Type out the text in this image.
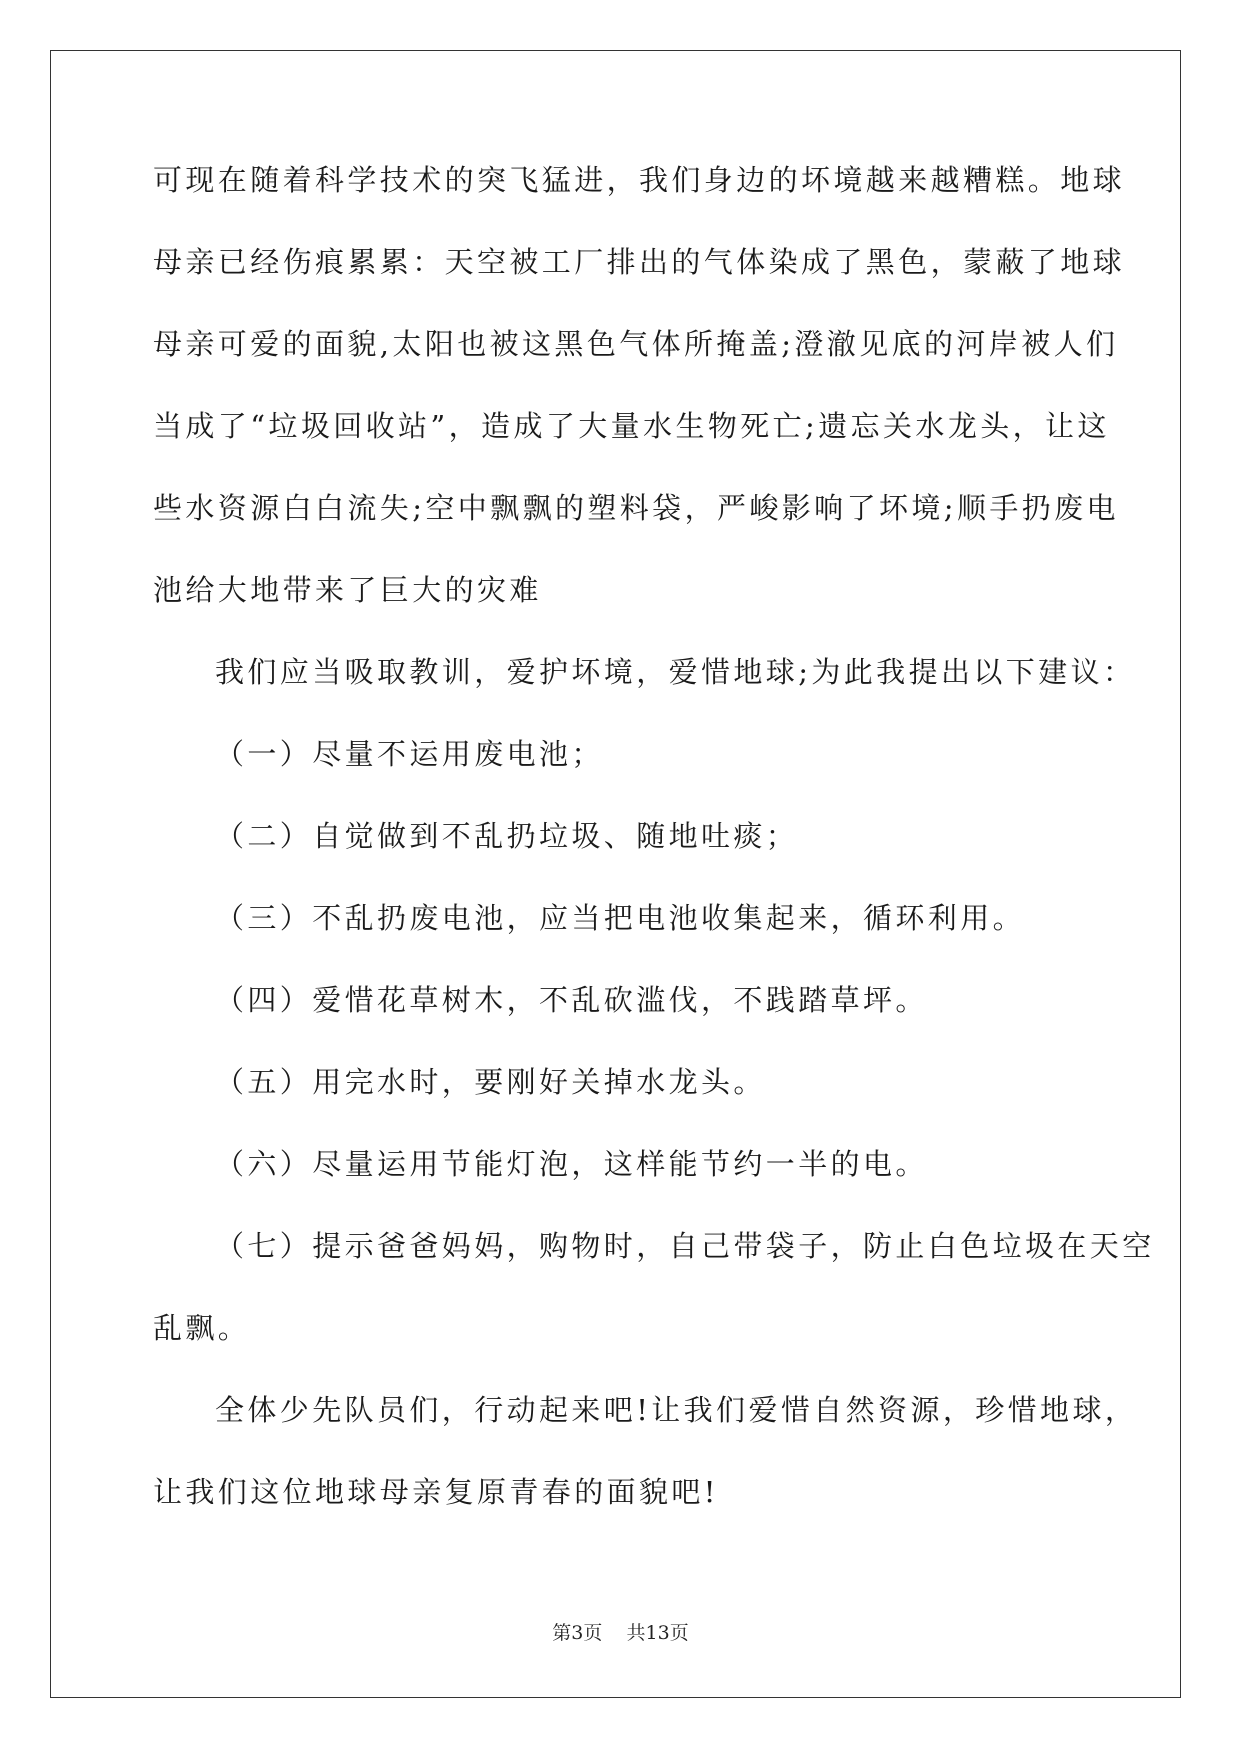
可现在随着科学技术的突飞猛进，我们身边的坏境越来越糟糕。地球
母亲已经伤痕累累：天空被工厂排出的气体染成了黑色，蒙蔽了地球
母亲可爱的面貌,太阳也被这黑色气体所掩盖;澄澈见底的河岸被人们
当成了“垃圾回收站”，造成了大量水生物死亡;遗忘关水龙头，让这
些水资源白白流失;空中飘飘的塑料袋，严峻影响了坏境;顺手扔废电
池给大地带来了巨大的灾难
我们应当吸取教训，爱护坏境，爱惜地球;为此我提出以下建议：
（一）尽量不运用废电池；
（二）自觉做到不乱扔垃圾、随地吐痰；
（三）不乱扔废电池，应当把电池收集起来，循环利用。
（四）爱惜花草树木，不乱砍滥伐，不践踏草坪。
（五）用完水时，要刚好关掉水龙头。
（六）尽量运用节能灯泡，这样能节约一半的电。
（七）提示爸爸妈妈，购物时，自己带袋子，防止白色垃圾在天空
乱飘。
全体少先队员们，行动起来吧!让我们爱惜自然资源，珍惜地球，
让我们这位地球母亲复原青春的面貌吧!
第3页 共13页
